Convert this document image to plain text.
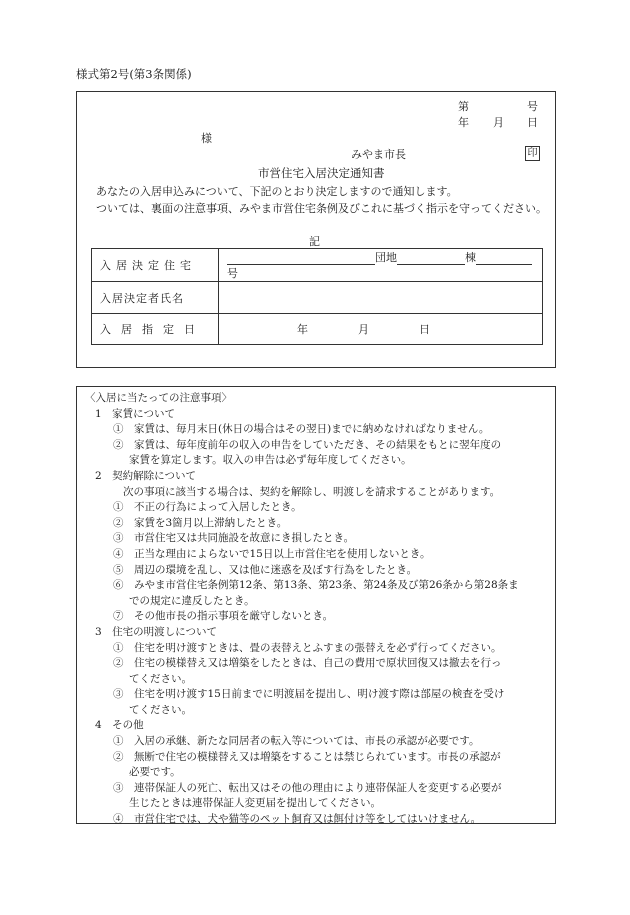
様式第2号(第3条関係)
第	号
年 月 日
様
みやま市長	印
市営住宅入居決定通知書
あなたの入居申込みについて、下記のとおり決定しますので通知します。
ついては、裏面の注意事項、みやま市営住宅条例及びこれに基づく指示を守ってください。
記
入居決定住宅	団地 棟号
入居決定者氏名	
入居指定日	年 月 日
〈入居に当たっての注意事項〉
1　家賃について
①　家賃は、毎月末日(休日の場合はその翌日)までに納めなければなりません。
②　家賃は、毎年度前年の収入の申告をしていただき、その結果をもとに翌年度の
家賃を算定します。収入の申告は必ず毎年度してください。
2　契約解除について
次の事項に該当する場合は、契約を解除し、明渡しを請求することがあります。
①　不正の行為によって入居したとき。
②　家賃を3箇月以上滞納したとき。
③　市営住宅又は共同施設を故意にき損したとき。
④　正当な理由によらないで15日以上市営住宅を使用しないとき。
⑤　周辺の環境を乱し、又は他に迷惑を及ぼす行為をしたとき。
⑥　みやま市営住宅条例第12条、第13条、第23条、第24条及び第26条から第28条ま
での規定に違反したとき。
⑦　その他市長の指示事項を厳守しないとき。
3　住宅の明渡しについて
①　住宅を明け渡すときは、畳の表替えとふすまの張替えを必ず行ってください。
②　住宅の模様替え又は増築をしたときは、自己の費用で原状回復又は撤去を行っ
てください。
③　住宅を明け渡す15日前までに明渡届を提出し、明け渡す際は部屋の検査を受け
てください。
4　その他
①　入居の承継、新たな同居者の転入等については、市長の承認が必要です。
②　無断で住宅の模様替え又は増築をすることは禁じられています。市長の承認が
必要です。
③　連帯保証人の死亡、転出又はその他の理由により連帯保証人を変更する必要が
生じたときは連帯保証人変更届を提出してください。
④　市営住宅では、犬や猫等のペット飼育又は餌付け等をしてはいけません。
